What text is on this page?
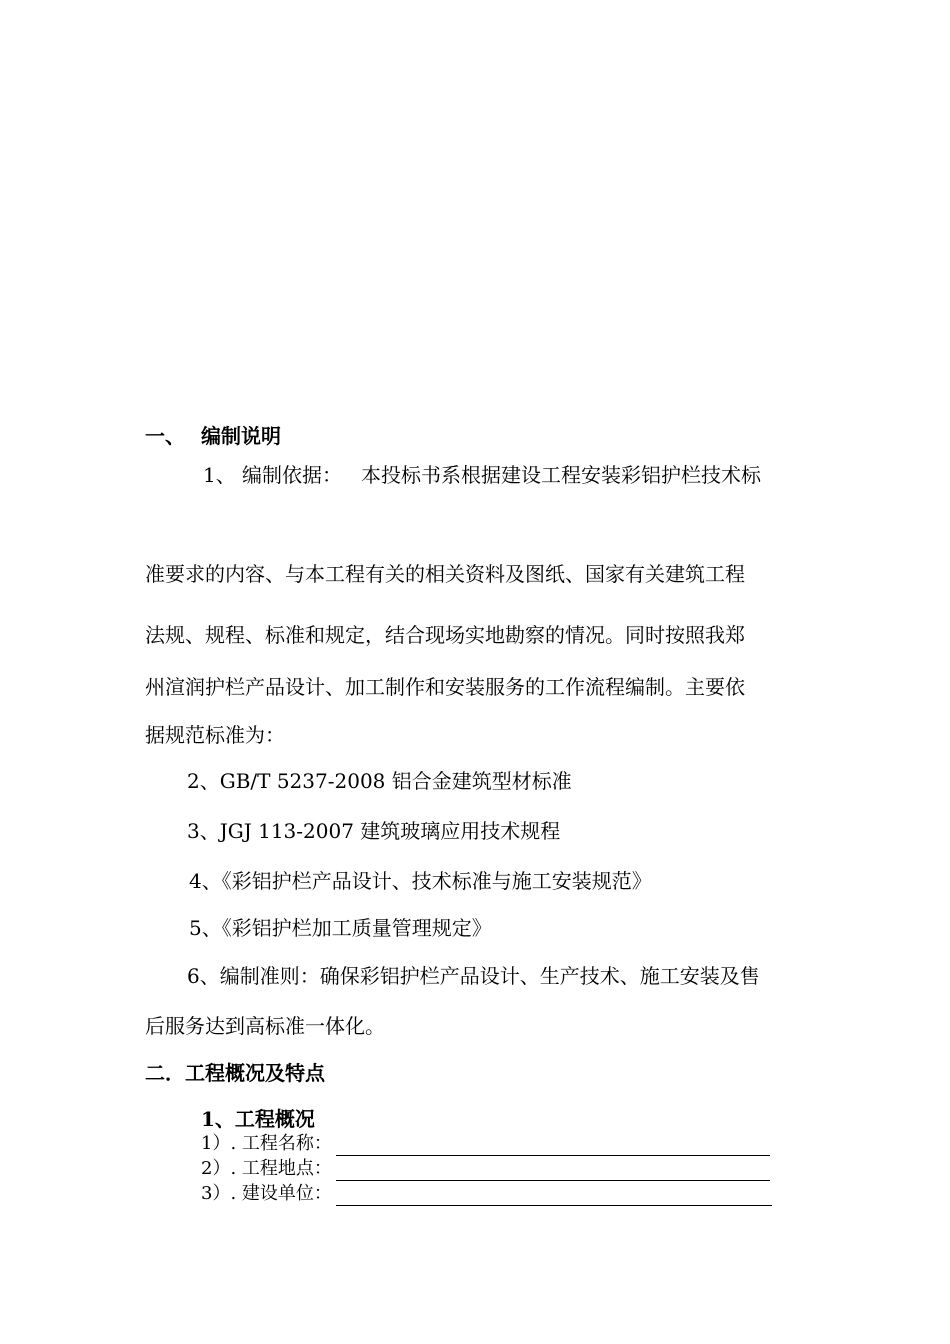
一、 编制说明
1、 编制依据： 本投标书系根据建设工程安装彩铝护栏技术标
准要求的内容、与本工程有关的相关资料及图纸、国家有关建筑工程
法规、规程、标准和规定，结合现场实地勘察的情况。同时按照我郑
州渲润护栏产品设计、加工制作和安装服务的工作流程编制。主要依
据规范标准为：
2、GB/T 5237-2008 铝合金建筑型材标准
3、JGJ 113-2007 建筑玻璃应用技术规程
4、《彩铝护栏产品设计、技术标准与施工安装规范》
5、《彩铝护栏加工质量管理规定》
6、编制准则：确保彩铝护栏产品设计、生产技术、施工安装及售
后服务达到高标准一体化。
二．工程概况及特点
1、工程概况
1）. 工程名称：
2）. 工程地点：
3）. 建设单位：
